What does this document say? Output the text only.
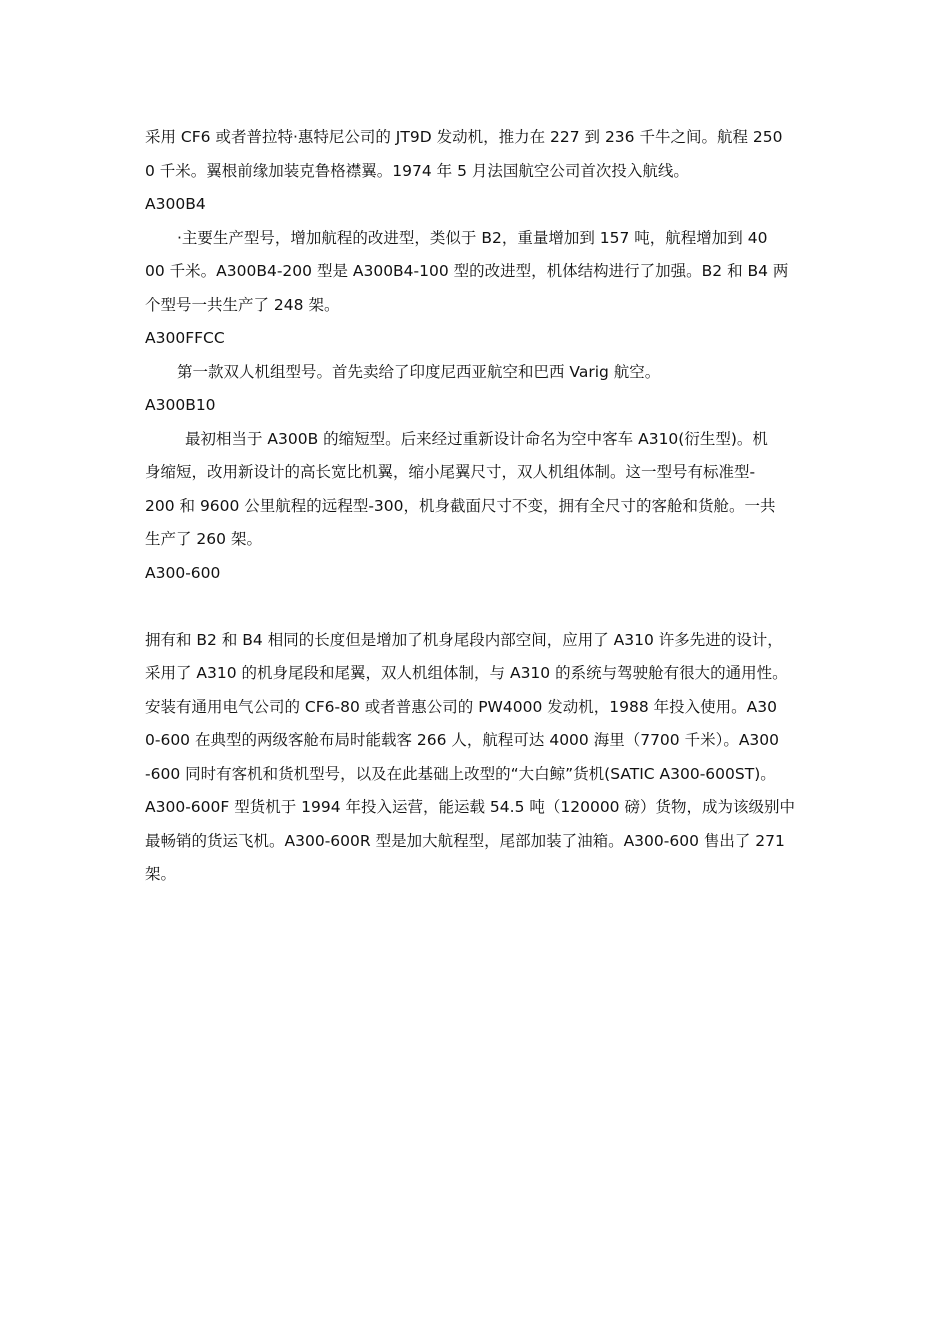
采用 CF6 或者普拉特·惠特尼公司的 JT9D 发动机，推力在 227 到 236 千牛之间。航程 250
0 千米。翼根前缘加装克鲁格襟翼。1974 年 5 月法国航空公司首次投入航线。
A300B4
·主要生产型号，增加航程的改进型，类似于 B2，重量增加到 157 吨，航程增加到 40
00 千米。A300B4-200 型是 A300B4-100 型的改进型，机体结构进行了加强。B2 和 B4 两
个型号一共生产了 248 架。
A300FFCC
第一款双人机组型号。首先卖给了印度尼西亚航空和巴西 Varig 航空。
A300B10
最初相当于 A300B 的缩短型。后来经过重新设计命名为空中客车 A310(衍生型)。机
身缩短，改用新设计的高长宽比机翼，缩小尾翼尺寸，双人机组体制。这一型号有标准型-
200 和 9600 公里航程的远程型-300，机身截面尺寸不变，拥有全尺寸的客舱和货舱。一共
生产了 260 架。
A300-600
拥有和 B2 和 B4 相同的长度但是增加了机身尾段内部空间，应用了 A310 许多先进的设计，
采用了 A310 的机身尾段和尾翼，双人机组体制，与 A310 的系统与驾驶舱有很大的通用性。
安装有通用电气公司的 CF6-80 或者普惠公司的 PW4000 发动机，1988 年投入使用。A30
0-600 在典型的两级客舱布局时能载客 266 人，航程可达 4000 海里（7700 千米）。A300
-600 同时有客机和货机型号，以及在此基础上改型的“大白鲸”货机(SATIC A300-600ST)。
A300-600F 型货机于 1994 年投入运营，能运载 54.5 吨（120000 磅）货物，成为该级别中
最畅销的货运飞机。A300-600R 型是加大航程型，尾部加装了油箱。A300-600 售出了 271
架。
